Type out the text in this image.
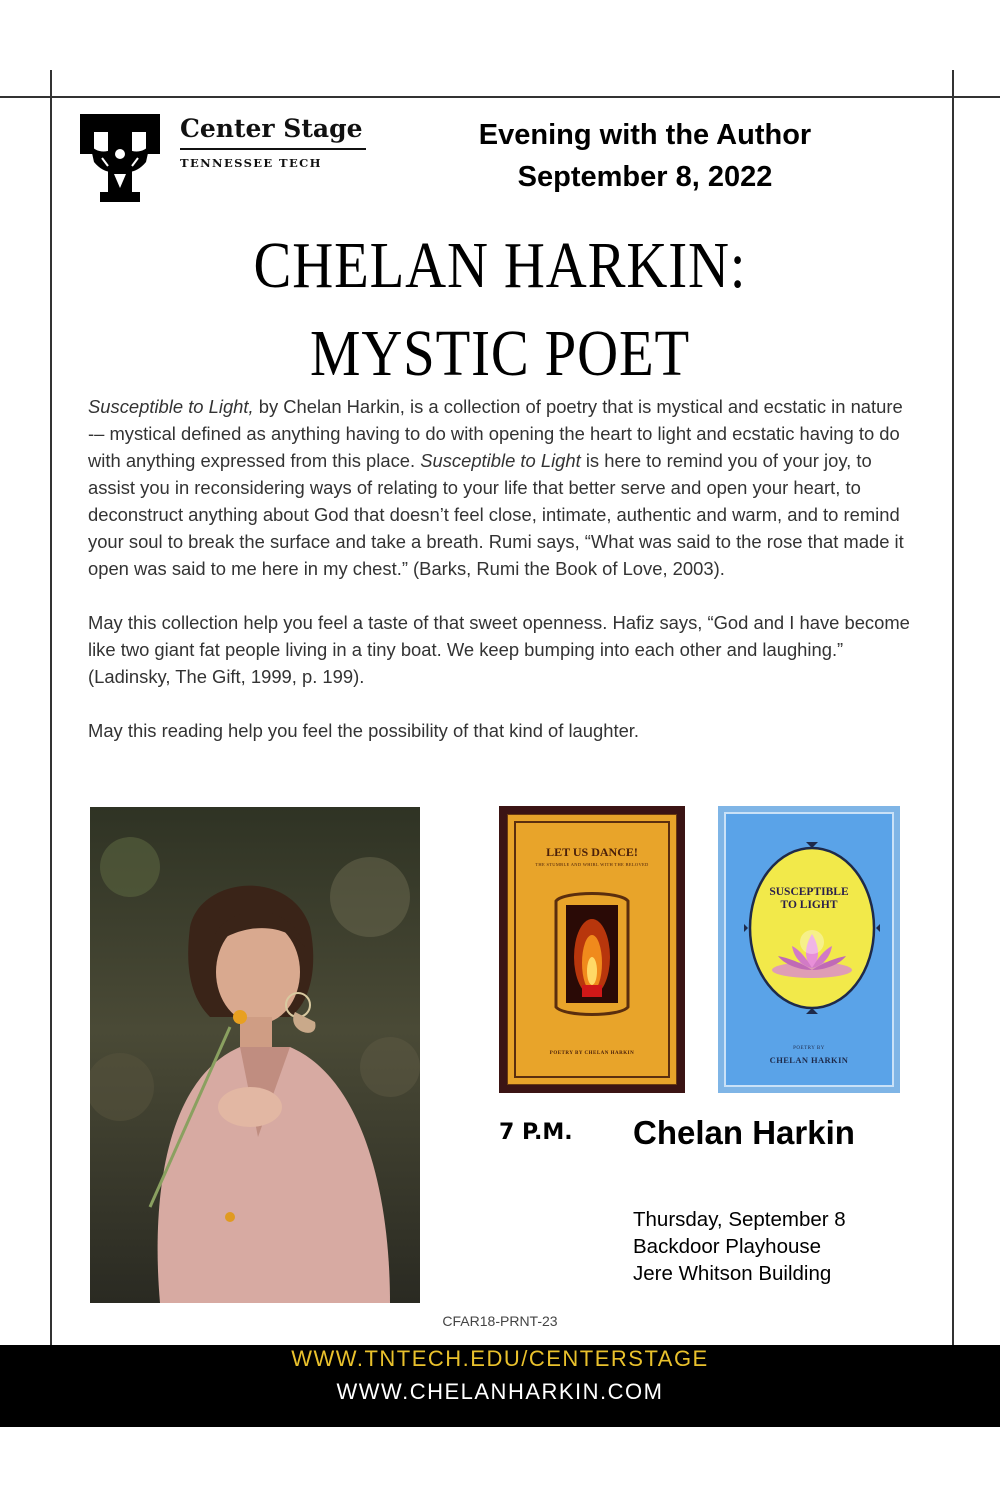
Center Stage
TENNESSEE TECH
Evening with the Author
September 8, 2022
CHELAN HARKIN:
MYSTIC POET

Susceptible to Light, by Chelan Harkin, is a collection of poetry that is mystical and ecstatic in nature -– mystical defined as anything having to do with opening the heart to light and ecstatic having to do with anything expressed from this place. Susceptible to Light is here to remind you of your joy, to assist you in reconsidering ways of relating to your life that better serve and open your heart, to deconstruct anything about God that doesn’t feel close, intimate, authentic and warm, and to remind your soul to break the surface and take a breath. Rumi says, “What was said to the rose that made it open was said to me here in my chest.” (Barks, Rumi the Book of Love, 2003).

May this collection help you feel a taste of that sweet openness. Hafiz says, “God and I have become like two giant fat people living in a tiny boat. We keep bumping into each other and laughing.” (Ladinsky, The Gift, 1999, p. 199).

May this reading help you feel the possibility of that kind of laughter.

LET US DANCE!
THE STUMBLE AND WHIRL WITH THE BELOVED
POETRY BY CHELAN HARKIN
SUSCEPTIBLE
TO LIGHT
POETRY BY
CHELAN HARKIN
7 P.M. Chelan Harkin
Thursday, September 8
Backdoor Playhouse
Jere Whitson Building
CFAR18-PRNT-23
WWW.TNTECH.EDU/CENTERSTAGE
WWW.CHELANHARKIN.COM
